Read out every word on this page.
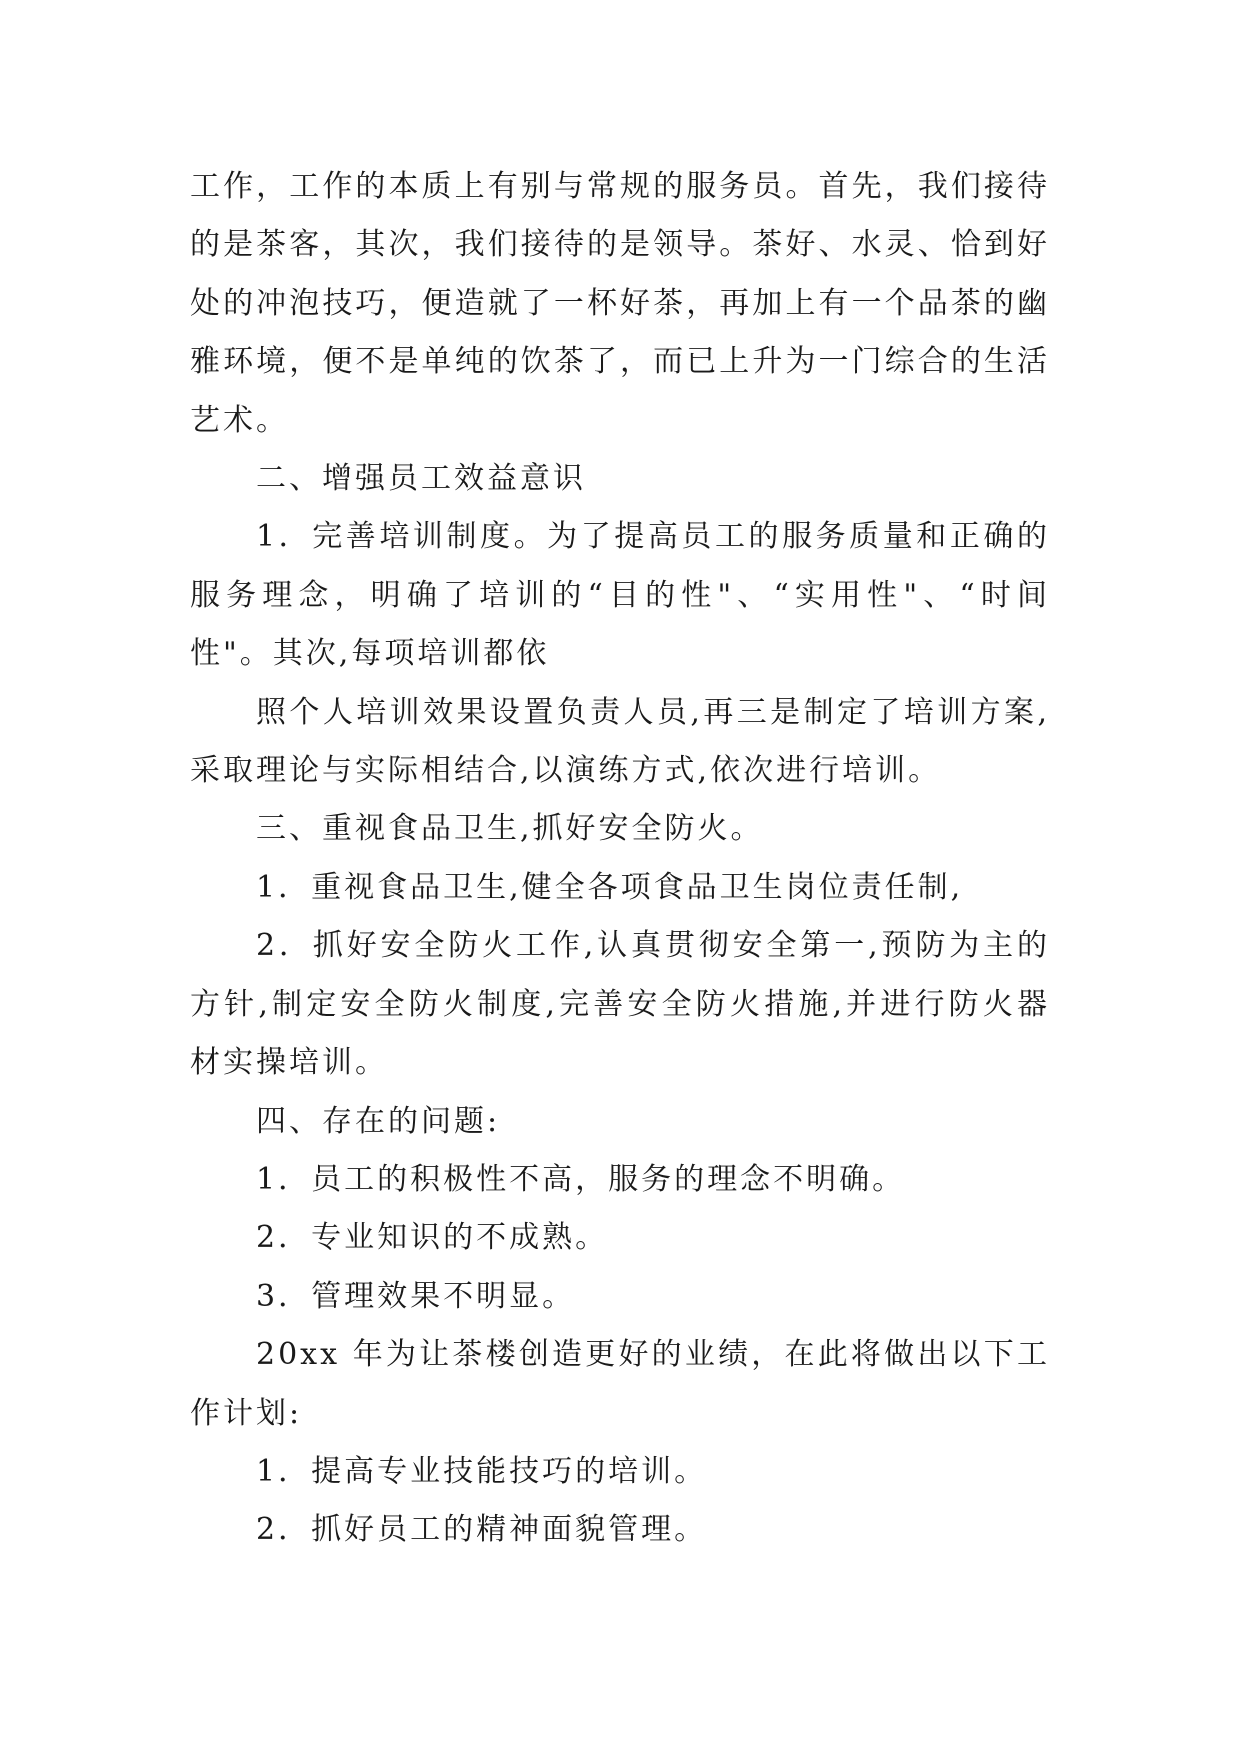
工作，工作的本质上有别与常规的服务员。首先，我们接待的是茶客，其次，我们接待的是领导。茶好、水灵、恰到好处的冲泡技巧，便造就了一杯好茶，再加上有一个品茶的幽雅环境，便不是单纯的饮茶了，而已上升为一门综合的生活艺术。

二、增强员工效益意识

1．完善培训制度。为了提高员工的服务质量和正确的服务理念，明确了培训的“目的性"、“实用性"、“时间性"。其次,每项培训都依

照个人培训效果设置负责人员,再三是制定了培训方案,采取理论与实际相结合,以演练方式,依次进行培训。

三、重视食品卫生,抓好安全防火。

1．重视食品卫生,健全各项食品卫生岗位责任制,

2．抓好安全防火工作,认真贯彻安全第一,预防为主的方针,制定安全防火制度,完善安全防火措施,并进行防火器材实操培训。

四、存在的问题:

1．员工的积极性不高，服务的理念不明确。

2．专业知识的不成熟。

3．管理效果不明显。

20xx 年为让茶楼创造更好的业绩，在此将做出以下工作计划:

1．提高专业技能技巧的培训。

2．抓好员工的精神面貌管理。
